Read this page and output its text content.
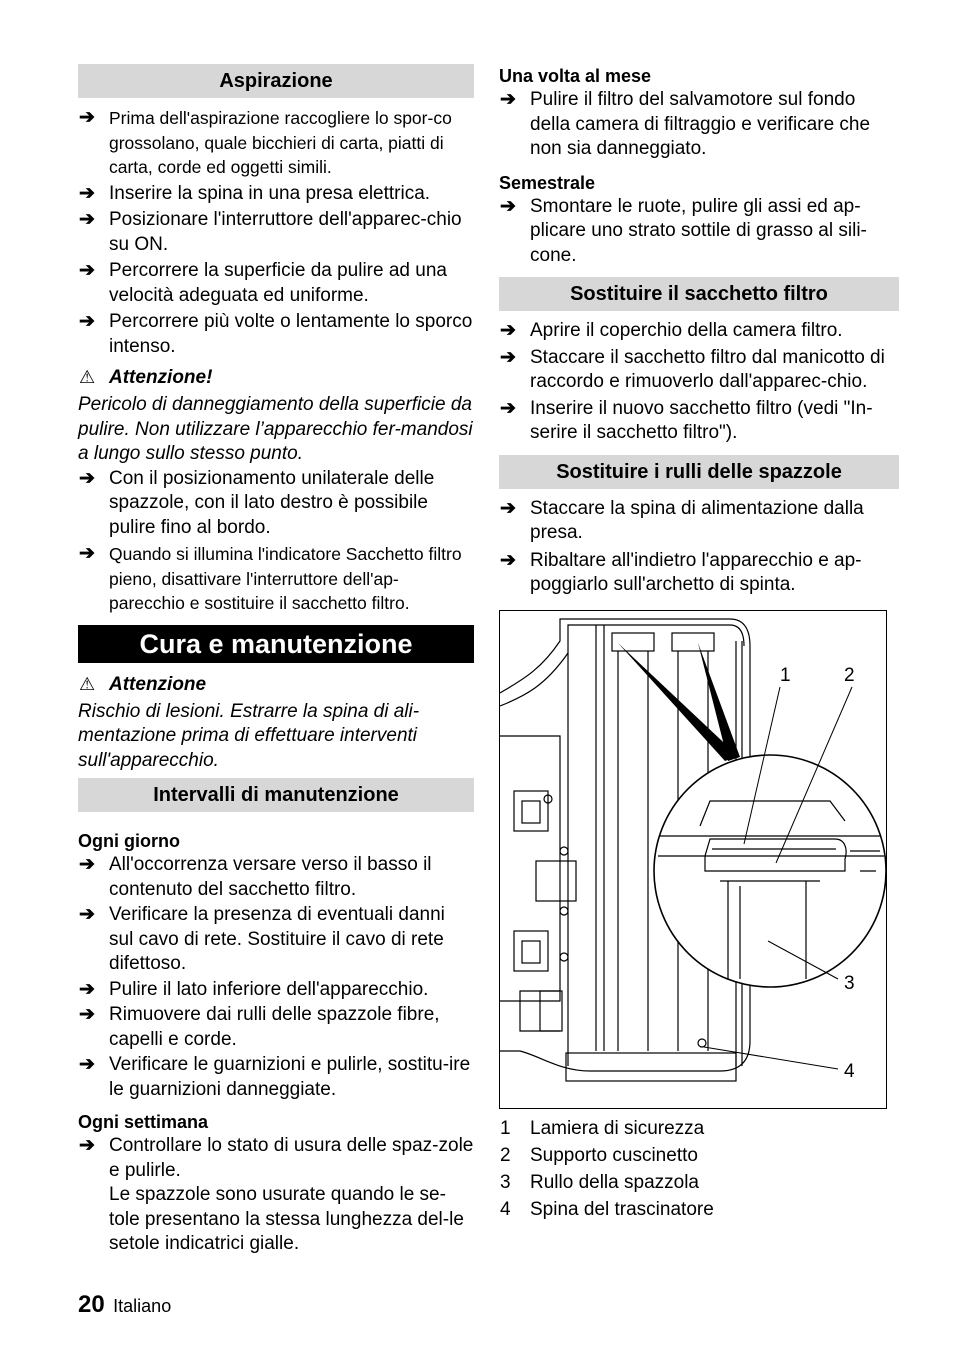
Aspirazione
➔ Prima dell'aspirazione raccogliere lo spor-co grossolano, quale bicchieri di carta, piatti di carta, corde ed oggetti simili.
➔ Inserire la spina in una presa elettrica.
➔ Posizionare l'interruttore dell'apparec-chio su ON.
➔ Percorrere la superficie da pulire ad una velocità adeguata ed uniforme.
➔ Percorrere più volte o lentamente lo sporco intenso.
⚠ Attenzione!
Pericolo di danneggiamento della superficie da pulire. Non utilizzare l’apparecchio fer-mandosi a lungo sullo stesso punto.
➔ Con il posizionamento unilaterale delle spazzole, con il lato destro è possibile pulire fino al bordo.
➔ Quando si illumina l'indicatore Sacchetto filtro pieno, disattivare l'interruttore dell'ap-parecchio e sostituire il sacchetto filtro.
Cura e manutenzione
⚠ Attenzione
Rischio di lesioni. Estrarre la spina di ali-mentazione prima di effettuare interventi sull'apparecchio.
Intervalli di manutenzione
Ogni giorno
➔ All'occorrenza versare verso il basso il contenuto del sacchetto filtro.
➔ Verificare la presenza di eventuali danni sul cavo di rete. Sostituire il cavo di rete difettoso.
➔ Pulire il lato inferiore dell'apparecchio.
➔ Rimuovere dai rulli delle spazzole fibre, capelli e corde.
➔ Verificare le guarnizioni e pulirle, sostitu-ire le guarnizioni danneggiate.
Ogni settimana
➔ Controllare lo stato di usura delle spaz-zole e pulirle.
Le spazzole sono usurate quando le se-tole presentano la stessa lunghezza del-le setole indicatrici gialle.
Una volta al mese
➔ Pulire il filtro del salvamotore sul fondo della camera di filtraggio e verificare che non sia danneggiato.
Semestrale
➔ Smontare le ruote, pulire gli assi ed ap-plicare uno strato sottile di grasso al sili-cone.
Sostituire il sacchetto filtro
➔ Aprire il coperchio della camera filtro.
➔ Staccare il sacchetto filtro dal manicotto di raccordo e rimuoverlo dall'apparec-chio.
➔ Inserire il nuovo sacchetto filtro (vedi "In-serire il sacchetto filtro").
Sostituire i rulli delle spazzole
➔ Staccare la spina di alimentazione dalla presa.
➔ Ribaltare all'indietro l'apparecchio e ap-poggiarlo sull'archetto di spinta.
1	2
3
4
1 Lamiera di sicurezza
2 Supporto cuscinetto
3 Rullo della spazzola
4 Spina del trascinatore
20 Italiano
